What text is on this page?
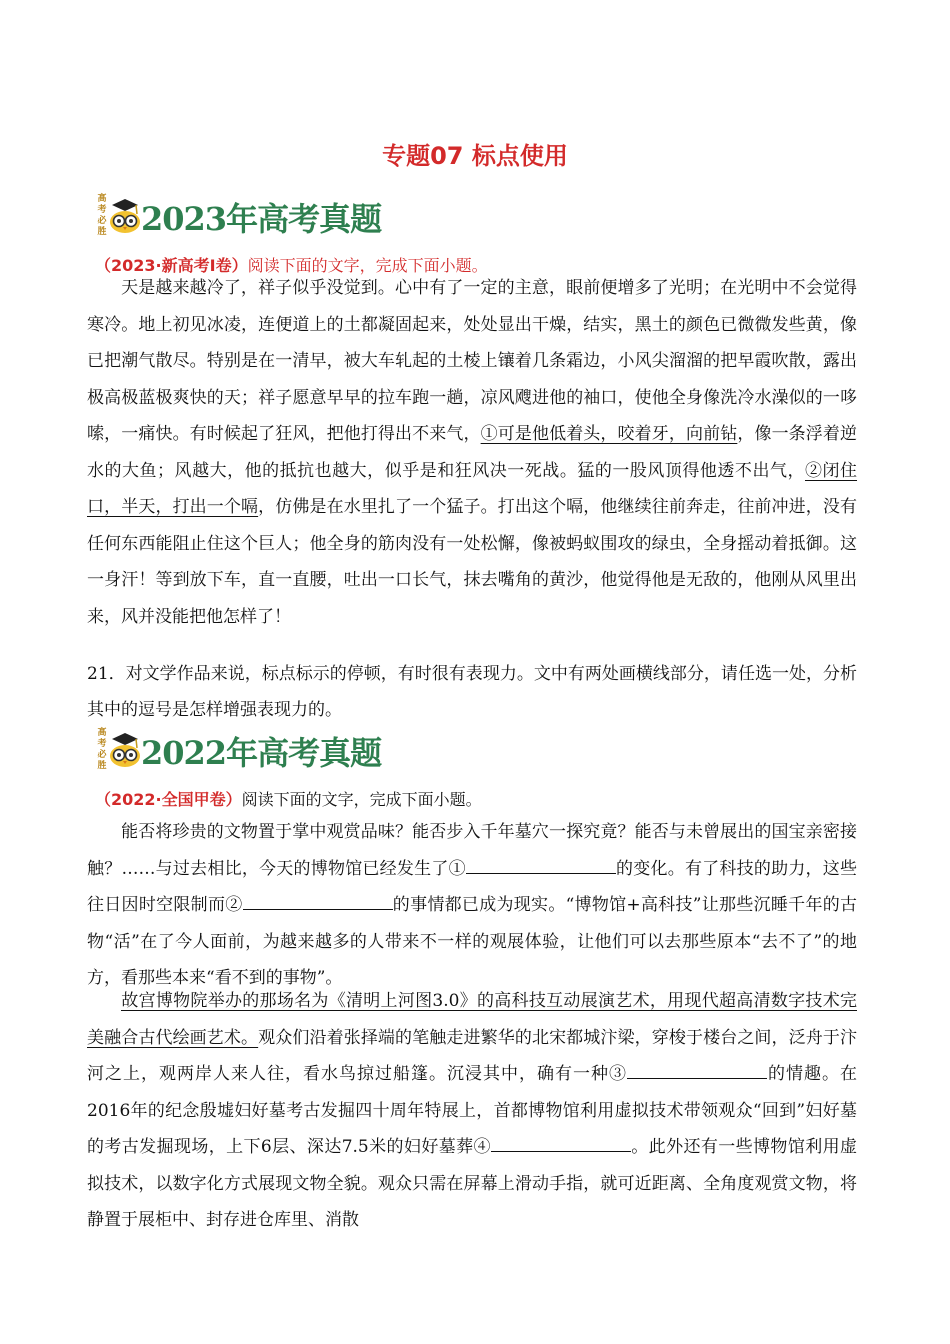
专题07 标点使用
高
考
必
胜 2023年高考真题
（2023·新高考Ⅰ卷）阅读下面的文字，完成下面小题。
天是越来越冷了，祥子似乎没觉到。心中有了一定的主意，眼前便增多了光明；在光明中不会觉得寒冷。地上初见冰凌，连便道上的土都凝固起来，• • 处处显出干燥，结实，黑土的颜色已• • 微微发些黄，像已把潮气散尽。特别是在一清早，被大车轧起的土棱上镶着几条霜边，小风尖溜溜的把早霞吹散，露出极高极蓝极爽快的天；祥子愿意• • 早早的拉车跑一趟，凉风飕进他的袖口，使他全身像洗冷水澡似的一哆嗦，一痛快。有时候起了狂风，把他打得出不来气，①可是他低着头，咬着牙，向前钻，像一条浮着逆水的大鱼；风越大，他的抵抗也越大，似乎是和狂风决一死战。猛的一股风顶得他透不出气，②闭住口，半天，打出一个嗝，仿佛是在水里扎了一个猛子。打出这个嗝，他继续往前奔走，往前冲进，没有任何东西能阻止住这个巨人；他全身的筋肉没有一处松懈，像被蚂蚁围攻的绿虫，全身摇动着抵御。这一身汗！等到放下车，直一直腰，吐出一口长气，抹去嘴角的黄沙，他觉得他是无敌的，他刚从风里出来，风并没能把他怎样了！
21．对文学作品来说，标点标示的停顿，有时很有表现力。文中有两处画横线部分，请任选一处，分析其中的逗号是怎样增强表现力的。
高
考
必
胜 2022年高考真题
（2022·全国甲卷）阅读下面的文字，完成下面小题。
能否将珍贵的文物置于掌中观赏品味？能否步入千年墓穴一探究竟？能否与未曾展出的国宝亲密接触？……与过去相比，今天的博物馆已经发生了①	的变化。有了科技的助力，这些往日因时空限制而②	的事情都已成为现实。“博物馆+高科技”让那些沉睡千年的古物“活”在了今人面前，为越来越多的人带来不一样的观展体验，让他们可以去那些原本“去不了”的地方，看那些本来“看不到的事物”。
故宫博物院举办的那场名为《清明上河图3.0》的高科技互动展演艺术，用现代超高清数字技术完美融合古代绘画艺术。观众们沿着张择端的笔触走进繁华的北宋都城汴梁，穿梭于楼台之间，泛舟于汴河之上，观两岸人来人往，看水鸟掠过船篷。沉浸其中，确有一种③	的情趣。在2016年的纪念殷墟妇好墓考古发掘四十周年特展上，首都博物馆利用虚拟技术带领观众“回到”妇好墓的考古发掘现场，上下6层、深达7.5米的妇好墓葬④	。此外还有一些博物馆利用虚拟技术，以数字化方式展现文物全貌。观众只需在屏幕上滑动手指，就可近距离、全角度观赏文物，将静置于展柜中、封存进仓库里、消散
